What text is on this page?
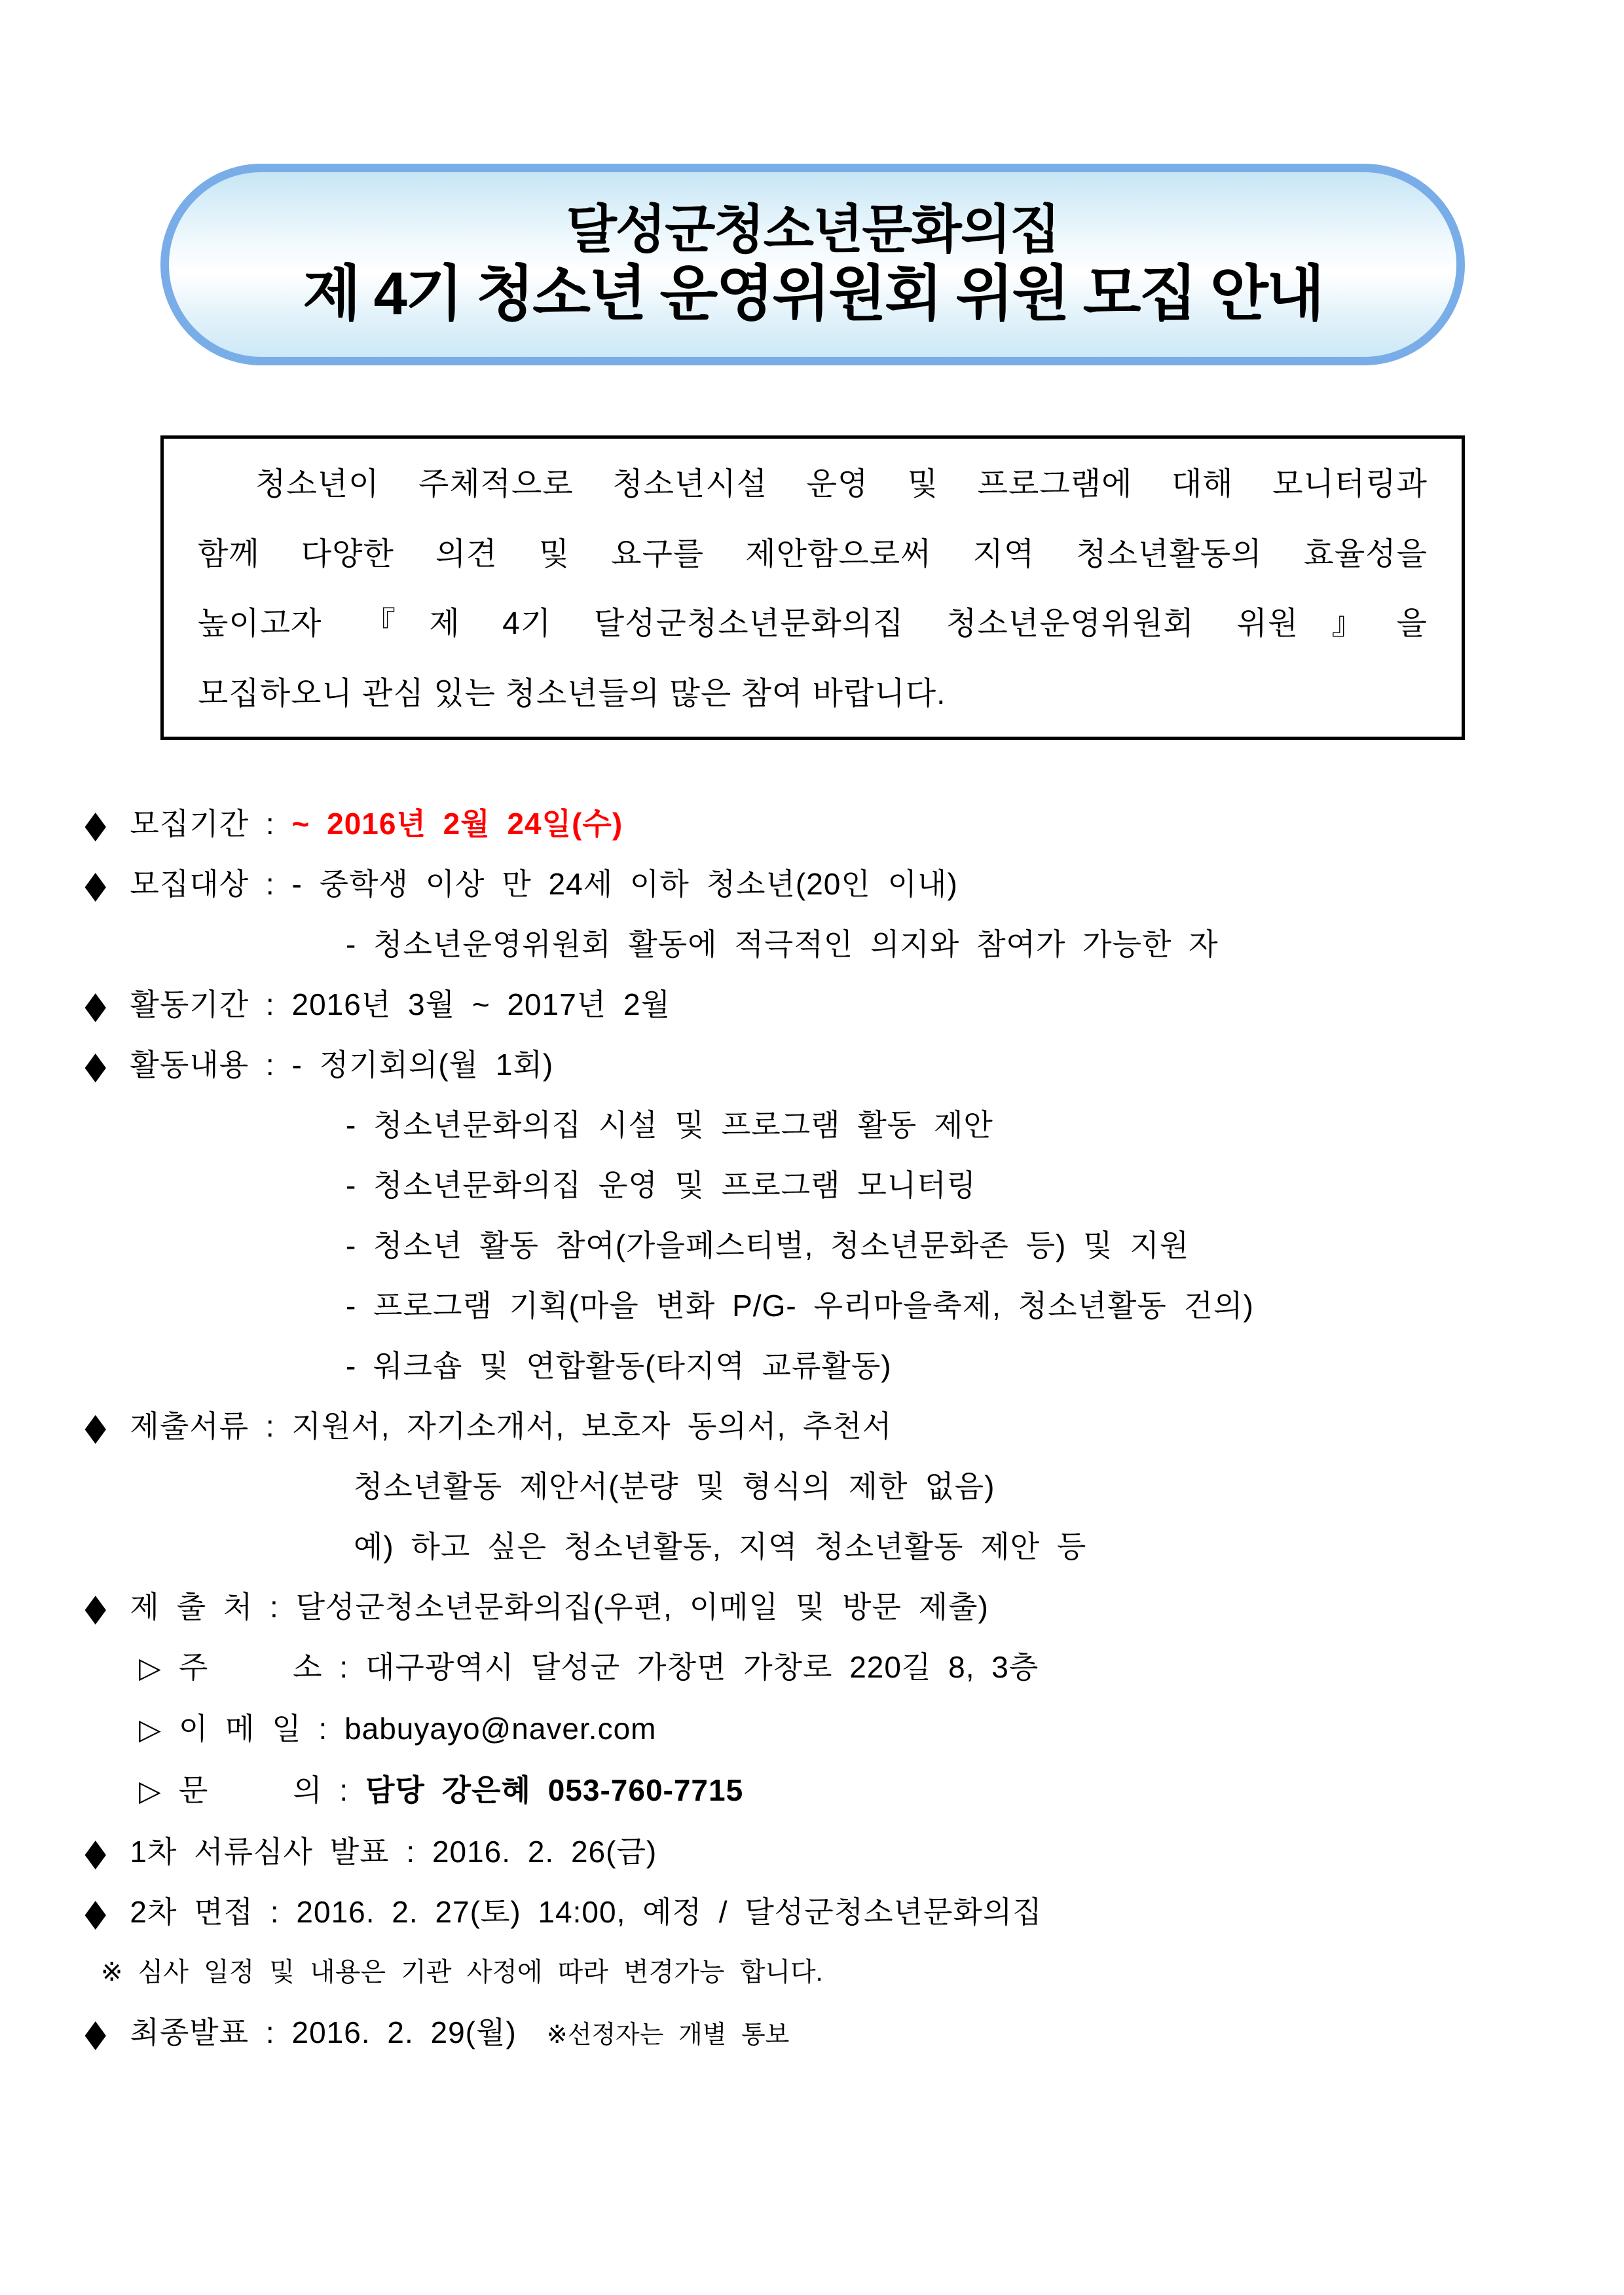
달성군청소년문화의집
제 4기 청소년 운영위원회 위원 모집 안내
청소년이 주체적으로 청소년시설 운영 및 프로그램에 대해 모니터링과
함께 다양한 의견 및 요구를 제안함으로써 지역 청소년활동의 효율성을
높이고자 『제 4기 달성군청소년문화의집 청소년운영위원회 위원』을
모집하오니 관심 있는 청소년들의 많은 참여 바랍니다.
◆ 모집기간 : ~ 2016년 2월 24일(수)
◆ 모집대상 : - 중학생 이상 만 24세 이하 청소년(20인 이내)
- 청소년운영위원회 활동에 적극적인 의지와 참여가 가능한 자
◆ 활동기간 : 2016년 3월 ~ 2017년 2월
◆ 활동내용 : - 정기회의(월 1회)
- 청소년문화의집 시설 및 프로그램 활동 제안
- 청소년문화의집 운영 및 프로그램 모니터링
- 청소년 활동 참여(가을페스티벌, 청소년문화존 등) 및 지원
- 프로그램 기획(마을 변화 P/G- 우리마을축제, 청소년활동 건의)
- 워크숍 및 연합활동(타지역 교류활동)
◆ 제출서류 : 지원서, 자기소개서, 보호자 동의서, 추천서
청소년활동 제안서(분량 및 형식의 제한 없음)
예) 하고 싶은 청소년활동, 지역 청소년활동 제안 등
◆ 제 출 처 : 달성군청소년문화의집(우편, 이메일 및 방문 제출)
▷ 주     소 : 대구광역시 달성군 가창면 가창로 220길 8, 3층
▷ 이 메 일 : babuyayo@naver.com
▷ 문     의 : 담당 강은혜 053-760-7715
◆ 1차 서류심사 발표 : 2016. 2. 26(금)
◆ 2차 면접 : 2016. 2. 27(토) 14:00, 예정 / 달성군청소년문화의집
※ 심사 일정 및 내용은 기관 사정에 따라 변경가능 합니다.
◆ 최종발표 : 2016. 2. 29(월) ※선정자는 개별 통보
